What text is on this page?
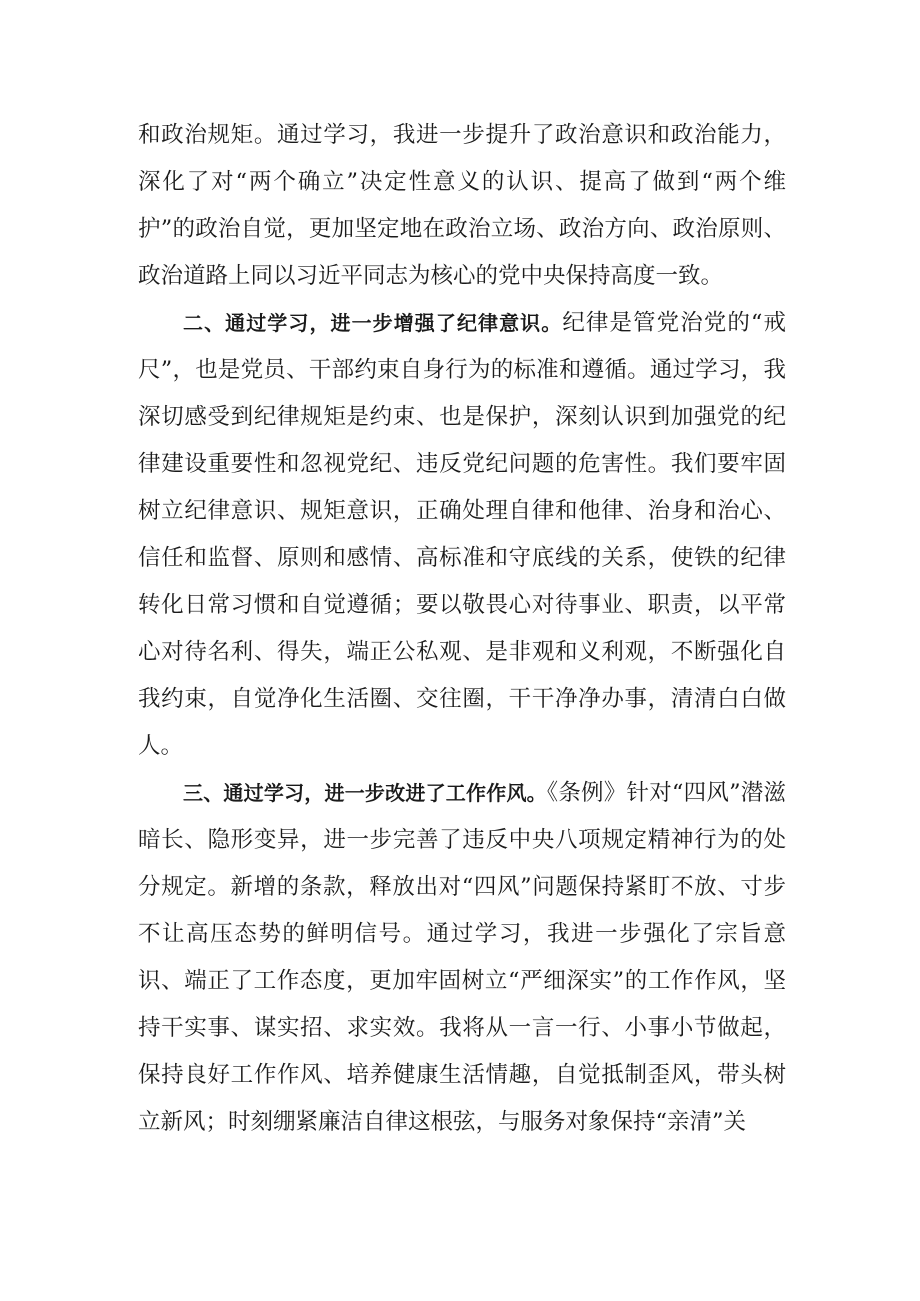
和政治规矩。通过学习，我进一步提升了政治意识和政治能力，深化了对“两个确立”决定性意义的认识、提高了做到“两个维护”的政治自觉，更加坚定地在政治立场、政治方向、政治原则、政治道路上同以习近平同志为核心的党中央保持高度一致。

二、通过学习，进一步增强了纪律意识。纪律是管党治党的“戒尺”，也是党员、干部约束自身行为的标准和遵循。通过学习，我深切感受到纪律规矩是约束、也是保护，深刻认识到加强党的纪律建设重要性和忽视党纪、违反党纪问题的危害性。我们要牢固树立纪律意识、规矩意识，正确处理自律和他律、治身和治心、信任和监督、原则和感情、高标准和守底线的关系，使铁的纪律转化日常习惯和自觉遵循；要以敬畏心对待事业、职责，以平常心对待名利、得失，端正公私观、是非观和义利观，不断强化自我约束，自觉净化生活圈、交往圈，干干净净办事，清清白白做人。

三、通过学习，进一步改进了工作作风。《条例》针对“四风”潜滋暗长、隐形变异，进一步完善了违反中央八项规定精神行为的处分规定。新增的条款，释放出对“四风”问题保持紧盯不放、寸步不让高压态势的鲜明信号。通过学习，我进一步强化了宗旨意识、端正了工作态度，更加牢固树立“严细深实”的工作作风，坚持干实事、谋实招、求实效。我将从一言一行、小事小节做起，保持良好工作作风、培养健康生活情趣，自觉抵制歪风，带头树立新风；时刻绷紧廉洁自律这根弦，与服务对象保持“亲清”关
